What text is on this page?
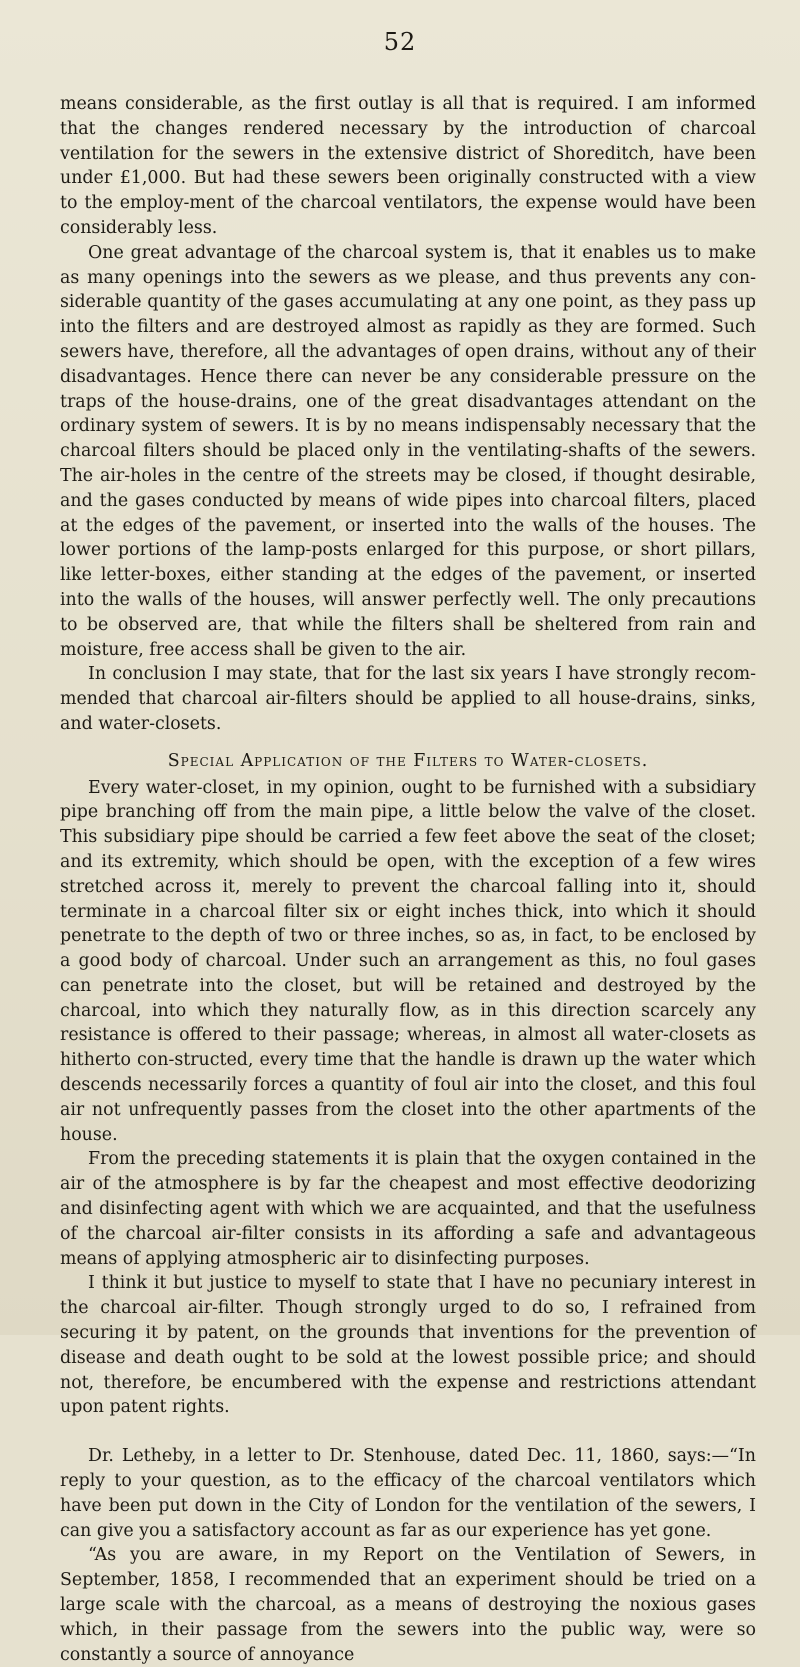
52

means considerable, as the first outlay is all that is required. I am informed that the changes rendered necessary by the introduction of charcoal ventilation for the sewers in the extensive district of Shoreditch, have been under £1,000. But had these sewers been originally constructed with a view to the employ-ment of the charcoal ventilators, the expense would have been considerably less.

One great advantage of the charcoal system is, that it enables us to make as many openings into the sewers as we please, and thus prevents any con-siderable quantity of the gases accumulating at any one point, as they pass up into the filters and are destroyed almost as rapidly as they are formed. Such sewers have, therefore, all the advantages of open drains, without any of their disadvantages. Hence there can never be any considerable pressure on the traps of the house-drains, one of the great disadvantages attendant on the ordinary system of sewers. It is by no means indispensably necessary that the charcoal filters should be placed only in the ventilating-shafts of the sewers. The air-holes in the centre of the streets may be closed, if thought desirable, and the gases conducted by means of wide pipes into charcoal filters, placed at the edges of the pavement, or inserted into the walls of the houses. The lower portions of the lamp-posts enlarged for this purpose, or short pillars, like letter-boxes, either standing at the edges of the pavement, or inserted into the walls of the houses, will answer perfectly well. The only precautions to be observed are, that while the filters shall be sheltered from rain and moisture, free access shall be given to the air.

In conclusion I may state, that for the last six years I have strongly recom-mended that charcoal air-filters should be applied to all house-drains, sinks, and water-closets.

Special Application of the Filters to Water-closets.

Every water-closet, in my opinion, ought to be furnished with a subsidiary pipe branching off from the main pipe, a little below the valve of the closet. This subsidiary pipe should be carried a few feet above the seat of the closet; and its extremity, which should be open, with the exception of a few wires stretched across it, merely to prevent the charcoal falling into it, should terminate in a charcoal filter six or eight inches thick, into which it should penetrate to the depth of two or three inches, so as, in fact, to be enclosed by a good body of charcoal. Under such an arrangement as this, no foul gases can penetrate into the closet, but will be retained and destroyed by the charcoal, into which they naturally flow, as in this direction scarcely any resistance is offered to their passage; whereas, in almost all water-closets as hitherto con-structed, every time that the handle is drawn up the water which descends necessarily forces a quantity of foul air into the closet, and this foul air not unfrequently passes from the closet into the other apartments of the house.

From the preceding statements it is plain that the oxygen contained in the air of the atmosphere is by far the cheapest and most effective deodorizing and disinfecting agent with which we are acquainted, and that the usefulness of the charcoal air-filter consists in its affording a safe and advantageous means of applying atmospheric air to disinfecting purposes.

I think it but justice to myself to state that I have no pecuniary interest in the charcoal air-filter. Though strongly urged to do so, I refrained from securing it by patent, on the grounds that inventions for the prevention of disease and death ought to be sold at the lowest possible price; and should not, therefore, be encumbered with the expense and restrictions attendant upon patent rights.

Dr. Letheby, in a letter to Dr. Stenhouse, dated Dec. 11, 1860, says:—“In reply to your question, as to the efficacy of the charcoal ventilators which have been put down in the City of London for the ventilation of the sewers, I can give you a satisfactory account as far as our experience has yet gone.

“As you are aware, in my Report on the Ventilation of Sewers, in September, 1858, I recommended that an experiment should be tried on a large scale with the charcoal, as a means of destroying the noxious gases which, in their passage from the sewers into the public way, were so constantly a source of annoyance
